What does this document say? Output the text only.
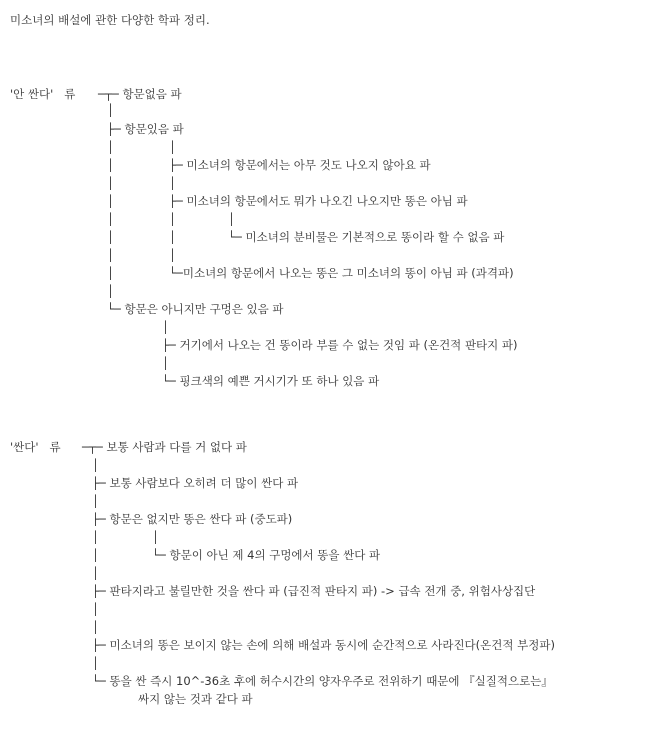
미소녀의 배설에 관한 다양한 학파 정리.
'안 싼다'   류 ─┬─ 항문없음 파
│
├─ 항문있음 파
│	│
│	├─ 미소녀의 항문에서는 아무 것도 나오지 않아요 파
│	│
│	├─ 미소녀의 항문에서도 뭐가 나오긴 나오지만 똥은 아님 파
│	│	│
│	│	└─ 미소녀의 분비물은 기본적으로 똥이라 할 수 없음 파
│	│
│	└─미소녀의 항문에서 나오는 똥은 그 미소녀의 똥이 아님 파 (과격파)
│
└─ 항문은 아니지만 구멍은 있음 파
│
├─ 거기에서 나오는 건 똥이라 부를 수 없는 것임 파 (온건적 판타지 파)
│
└─ 핑크색의 예쁜 거시기가 또 하나 있음 파
'싼다'   류 ─┬─ 보통 사람과 다를 거 없다 파
│
├─ 보통 사람보다 오히려 더 많이 싼다 파
│
├─ 항문은 없지만 똥은 싼다 파 (중도파)
│	│
│	└─ 항문이 아닌 제 4의 구멍에서 똥을 싼다 파
│
├─ 판타지라고 불릴만한 것을 싼다 파 (급진적 판타지 파) -> 급속 전개 중, 위험사상집단
│
│
├─ 미소녀의 똥은 보이지 않는 손에 의해 배설과 동시에 순간적으로 사라진다(온건적 부정파)
│
└─ 똥을 싼 즉시 10^-36초 후에 허수시간의 양자우주로 전위하기 때문에 『실질적으로는』
싸지 않는 것과 같다 파
